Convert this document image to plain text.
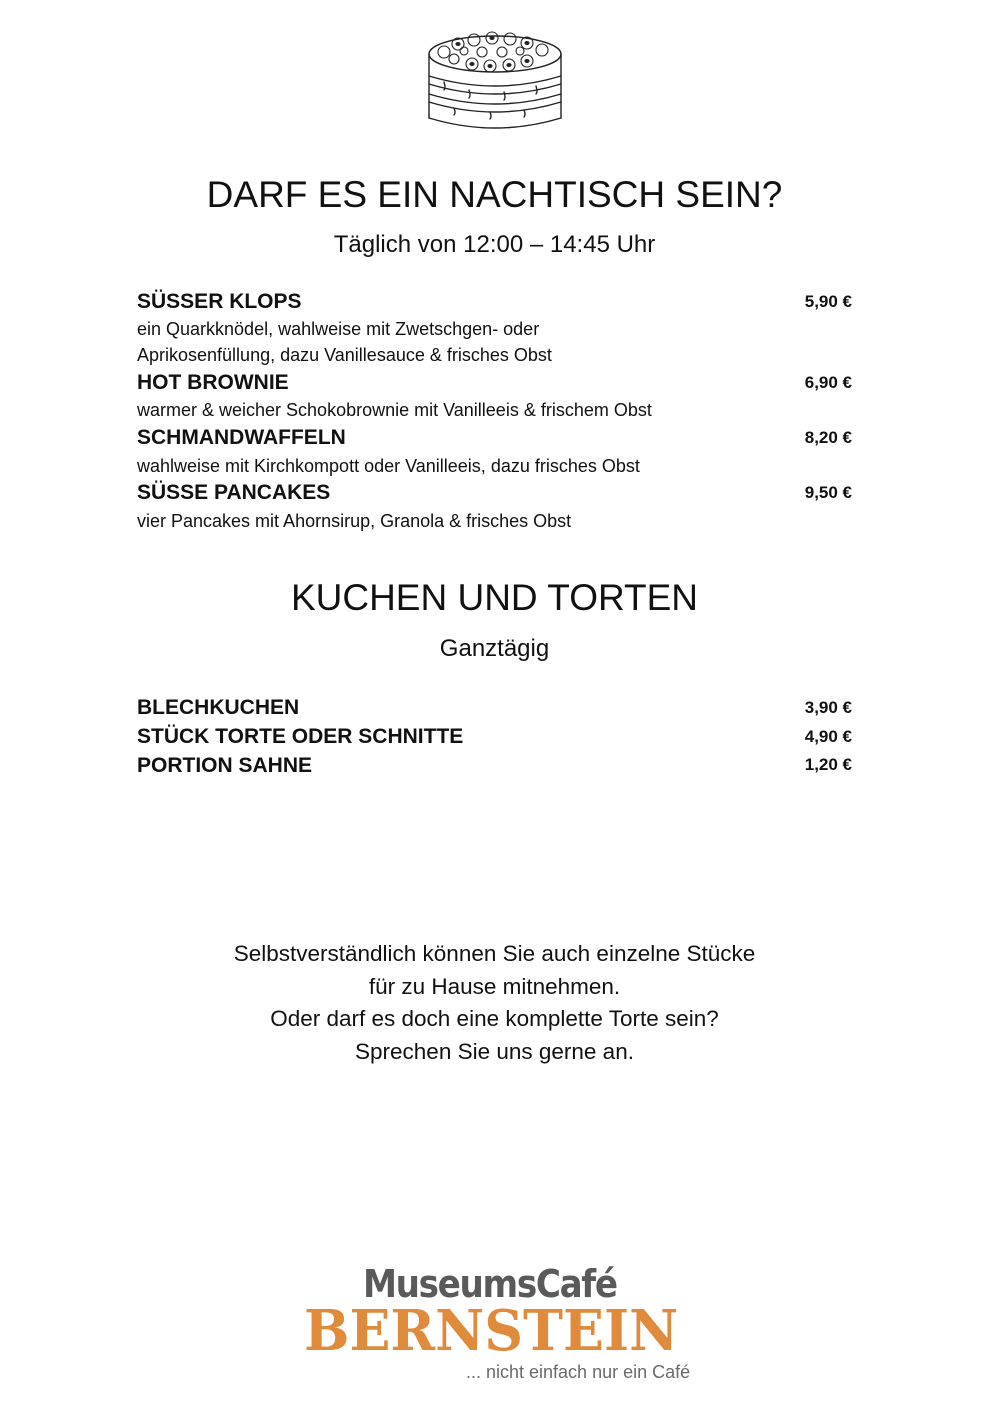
DARF ES EIN NACHTISCH SEIN?
Täglich von 12:00 – 14:45 Uhr
SÜSSER KLOPS	5,90 €
ein Quarkknödel, wahlweise mit Zwetschgen- oder
Aprikosenfüllung, dazu Vanillesauce & frisches Obst
HOT BROWNIE	6,90 €
warmer & weicher Schokobrownie mit Vanilleeis & frischem Obst
SCHMANDWAFFELN	8,20 €
wahlweise mit Kirchkompott oder Vanilleeis, dazu frisches Obst
SÜSSE PANCAKES	9,50 €
vier Pancakes mit Ahornsirup, Granola & frisches Obst
KUCHEN UND TORTEN
Ganztägig
BLECHKUCHEN	3,90 €
STÜCK TORTE ODER SCHNITTE	4,90 €
PORTION SAHNE	1,20 €
Selbstverständlich können Sie auch einzelne Stücke
für zu Hause mitnehmen.
Oder darf es doch eine komplette Torte sein?
Sprechen Sie uns gerne an.
MuseumsCafé
BERNSTEIN
... nicht einfach nur ein Café
